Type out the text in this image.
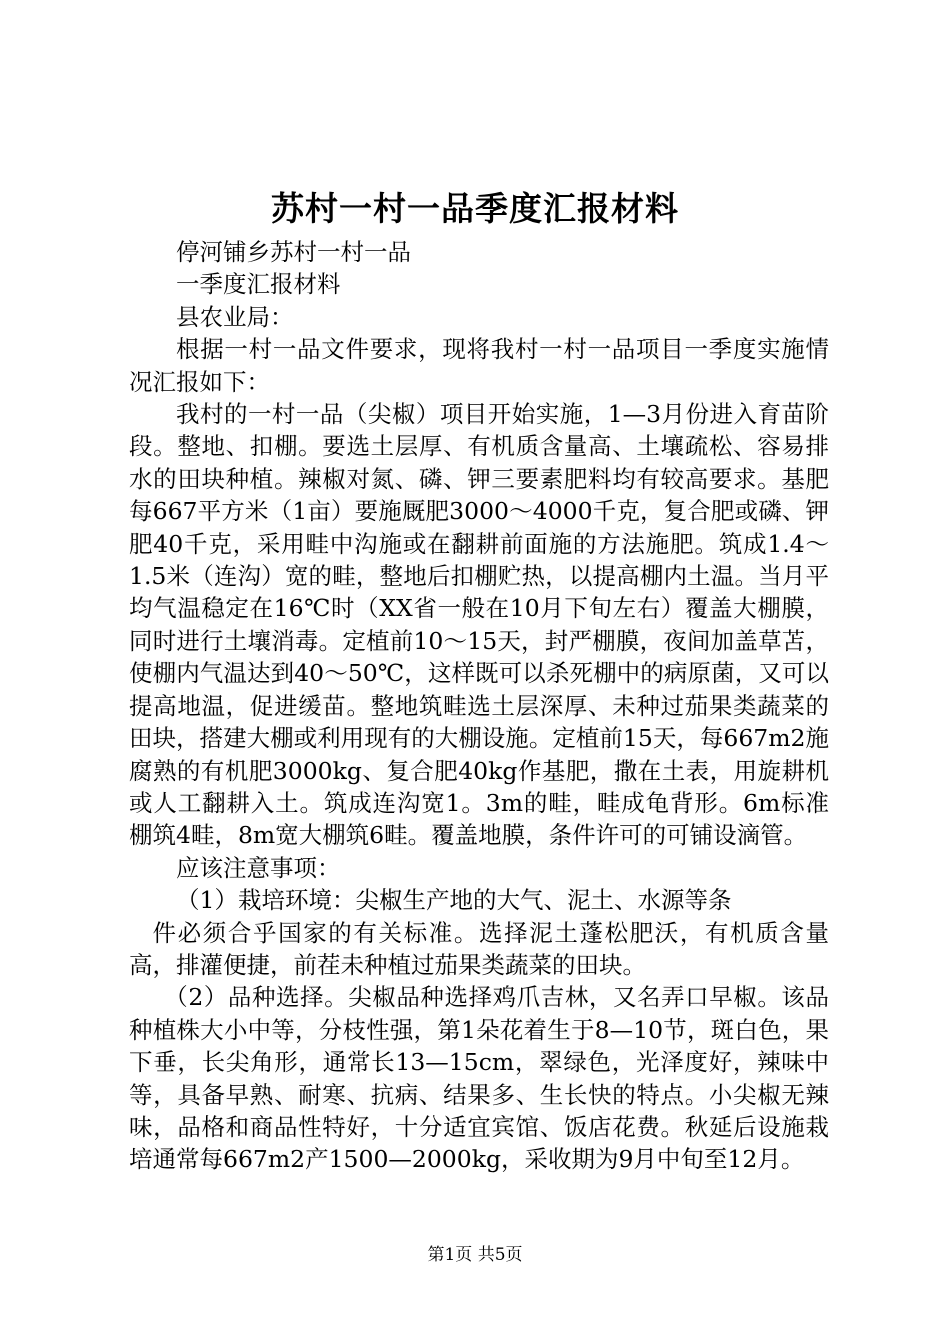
苏村一村一品季度汇报材料

停河铺乡苏村一村一品

一季度汇报材料

县农业局：

根据一村一品文件要求，现将我村一村一品项目一季度实施情况汇报如下：

我村的一村一品（尖椒）项目开始实施，1—3月份进入育苗阶段。整地、扣棚。要选土层厚、有机质含量高、土壤疏松、容易排水的田块种植。辣椒对氮、磷、钾三要素肥料均有较高要求。基肥每667平方米（1亩）要施厩肥3000～4000千克，复合肥或磷、钾肥40千克，采用畦中沟施或在翻耕前面施的方法施肥。筑成1.4～1.5米（连沟）宽的畦，整地后扣棚贮热，以提高棚内土温。当月平均气温稳定在16℃时（XX省一般在10月下旬左右）覆盖大棚膜，同时进行土壤消毒。定植前10～15天，封严棚膜，夜间加盖草苫，使棚内气温达到40～50℃，这样既可以杀死棚中的病原菌，又可以提高地温，促进缓苗。整地筑畦选土层深厚、未种过茄果类蔬菜的田块，搭建大棚或利用现有的大棚设施。定植前15天，每667m2施腐熟的有机肥3000kg、复合肥40kg作基肥，撒在土表，用旋耕机或人工翻耕入土。筑成连沟宽1。3m的畦，畦成龟背形。6m标准棚筑4畦，8m宽大棚筑6畦。覆盖地膜，条件许可的可铺设滴管。

应该注意事项：

（1）栽培环境：尖椒生产地的大气、泥土、水源等条

件必须合乎国家的有关标准。选择泥土蓬松肥沃，有机质含量高，排灌便捷，前茬未种植过茄果类蔬菜的田块。

（2）品种选择。尖椒品种选择鸡爪吉林，又名弄口早椒。该品种植株大小中等，分枝性强，第1朵花着生于8—10节，斑白色，果下垂，长尖角形，通常长13—15cm，翠绿色，光泽度好，辣味中等，具备早熟、耐寒、抗病、结果多、生长快的特点。小尖椒无辣味，品格和商品性特好，十分适宜宾馆、饭店花费。秋延后设施栽培通常每667m2产1500—2000kg，采收期为9月中旬至12月。

第1页 共5页
